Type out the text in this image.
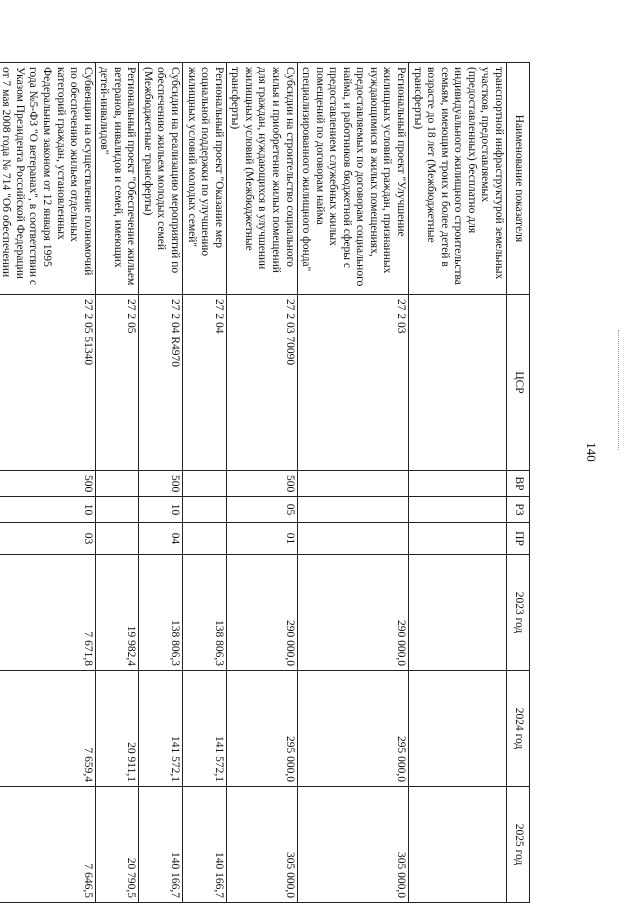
140
Наименование показателя	ЦСР	ВР	РЗ	ПР	2023 год	2024 год	2025 год
транспортной инфраструктурой земельных участков, предоставляемых (предоставленных) бесплатно для индивидуального жилищного строительства семьям, имеющим троих и более детей в возрасте до 18 лет (Межбюджетные трансферты)							
Региональный проект "Улучшение жилищных условий граждан, признанных нуждающимися в жилых помещениях, предоставляемых по договорам социального найма, и работников бюджетной сферы с предоставлением служебных жилых помещений по договорам найма специализированного жилищного фонда"	27 2 03				290 000,0	295 000,0	305 000,0
Субсидии на строительство социального жилья и приобретение жилых помещений для граждан, нуждающихся в улучшении жилищных условий (Межбюджетные трансферты)	27 2 03 70090	500	05	01	290 000,0	295 000,0	305 000,0
Региональный проект "Оказание мер социальной поддержки по улучшению жилищных условий молодых семей"	27 2 04				138 806,3	141 572,1	140 166,7
Субсидии на реализацию мероприятий по обеспечению жильем молодых семей (Межбюджетные трансферты)	27 2 04 R4970	500	10	04	138 806,3	141 572,1	140 166,7
Региональный проект "Обеспечение жильем ветеранов, инвалидов и семей, имеющих детей-инвалидов"	27 2 05				19 982,4	20 911,1	20 790,5
Субвенции на осуществление полномочий по обеспечению жильем отдельных категорий граждан, установленных Федеральным законом от 12 января 1995 года №5-ФЗ "О ветеранах", в соответствии с Указом Президента Российской Федерации от 7 мая 2008 года № 714 "Об обеспечении	27 2 05 51340	500	10	03	7 671,8	7 659,4	7 646,5
